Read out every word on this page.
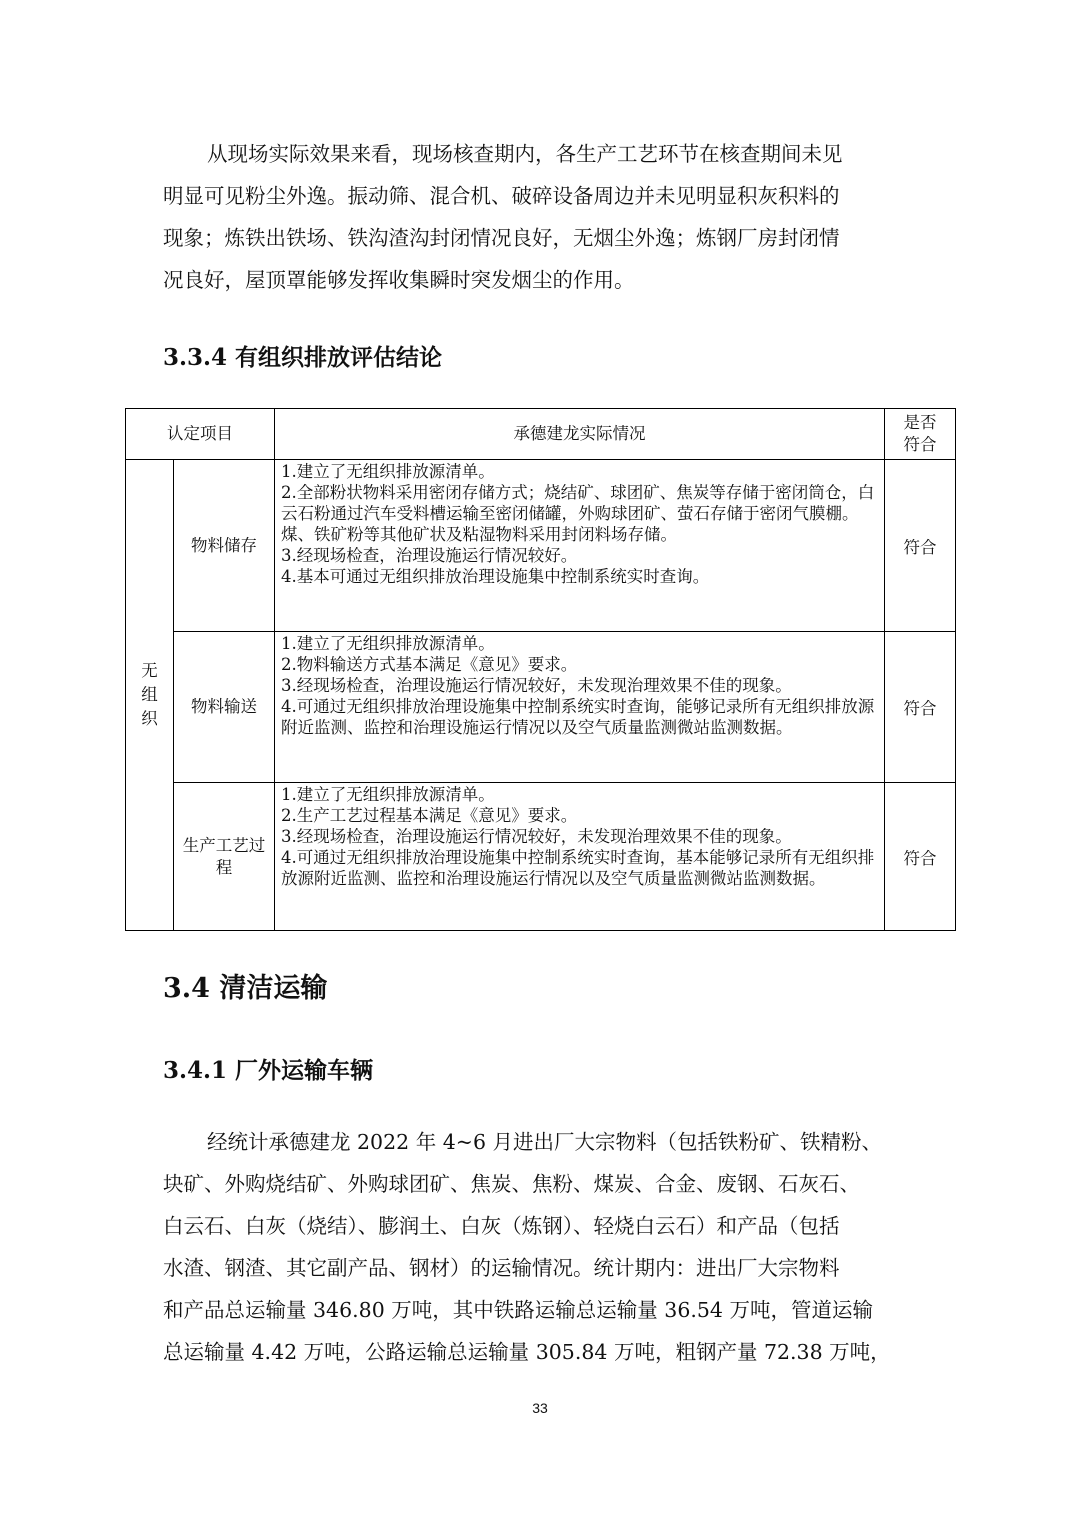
从现场实际效果来看，现场核查期内，各生产工艺环节在核查期间未见
明显可见粉尘外逸。振动筛、混合机、破碎设备周边并未见明显积灰积料的
现象；炼铁出铁场、铁沟渣沟封闭情况良好，无烟尘外逸；炼钢厂房封闭情
况良好，屋顶罩能够发挥收集瞬时突发烟尘的作用。
3.3.4 有组织排放评估结论
认定项目		承德建龙实际情况	是否符合

无组织	物料储存	1.建立了无组织排放源清单。
2.全部粉状物料采用密闭存储方式；烧结矿、球团矿、焦炭等存储于密闭筒仓，白云石粉通过汽车受料槽运输至密闭储罐，外购球团矿、萤石存储于密闭气膜棚。煤、铁矿粉等其他矿状及粘湿物料采用封闭料场存储。
3.经现场检查，治理设施运行情况较好。
4.基本可通过无组织排放治理设施集中控制系统实时查询。	符合
	物料输送	1.建立了无组织排放源清单。
2.物料输送方式基本满足《意见》要求。
3.经现场检查，治理设施运行情况较好，未发现治理效果不佳的现象。
4.可通过无组织排放治理设施集中控制系统实时查询，能够记录所有无组织排放源附近监测、监控和治理设施运行情况以及空气质量监测微站监测数据。	符合
	生产工艺过程	1.建立了无组织排放源清单。
2.生产工艺过程基本满足《意见》要求。
3.经现场检查，治理设施运行情况较好，未发现治理效果不佳的现象。
4.可通过无组织排放治理设施集中控制系统实时查询，基本能够记录所有无组织排放源附近监测、监控和治理设施运行情况以及空气质量监测微站监测数据。	符合
3.4 清洁运输
3.4.1 厂外运输车辆
经统计承德建龙 2022 年 4~6 月进出厂大宗物料（包括铁粉矿、铁精粉、
块矿、外购烧结矿、外购球团矿、焦炭、焦粉、煤炭、合金、废钢、石灰石、
白云石、白灰（烧结）、膨润土、白灰（炼钢）、轻烧白云石）和产品（包括
水渣、钢渣、其它副产品、钢材）的运输情况。统计期内：进出厂大宗物料
和产品总运输量 346.80 万吨，其中铁路运输总运输量 36.54 万吨，管道运输
总运输量 4.42 万吨，公路运输总运输量 305.84 万吨，粗钢产量 72.38 万吨，
33
